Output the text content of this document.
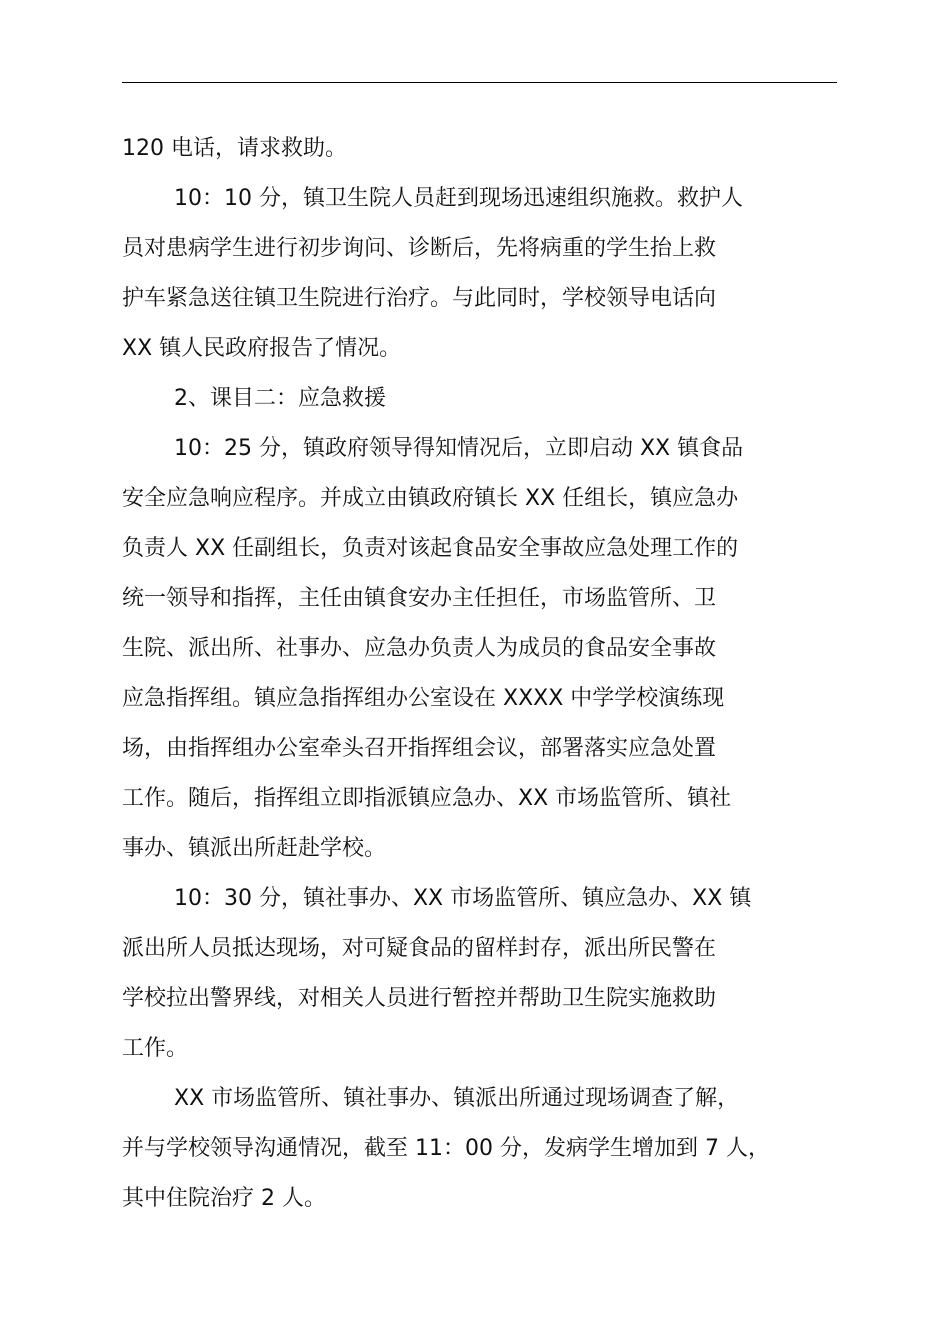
120 电话，请求救助。

10：10 分，镇卫生院人员赶到现场迅速组织施救。救护人
员对患病学生进行初步询问、诊断后，先将病重的学生抬上救
护车紧急送往镇卫生院进行治疗。与此同时，学校领导电话向
XX 镇人民政府报告了情况。

2、课目二：应急救援

10：25 分，镇政府领导得知情况后，立即启动 XX 镇食品
安全应急响应程序。并成立由镇政府镇长 XX 任组长，镇应急办
负责人 XX 任副组长，负责对该起食品安全事故应急处理工作的
统一领导和指挥，主任由镇食安办主任担任，市场监管所、卫
生院、派出所、社事办、应急办负责人为成员的食品安全事故
应急指挥组。镇应急指挥组办公室设在 XXXX 中学学校演练现
场，由指挥组办公室牵头召开指挥组会议，部署落实应急处置
工作。随后，指挥组立即指派镇应急办、XX 市场监管所、镇社
事办、镇派出所赶赴学校。

10：30 分，镇社事办、XX 市场监管所、镇应急办、XX 镇
派出所人员抵达现场，对可疑食品的留样封存，派出所民警在
学校拉出警界线，对相关人员进行暂控并帮助卫生院实施救助
工作。

XX 市场监管所、镇社事办、镇派出所通过现场调查了解，
并与学校领导沟通情况，截至 11：00 分，发病学生增加到 7 人，
其中住院治疗 2 人。
